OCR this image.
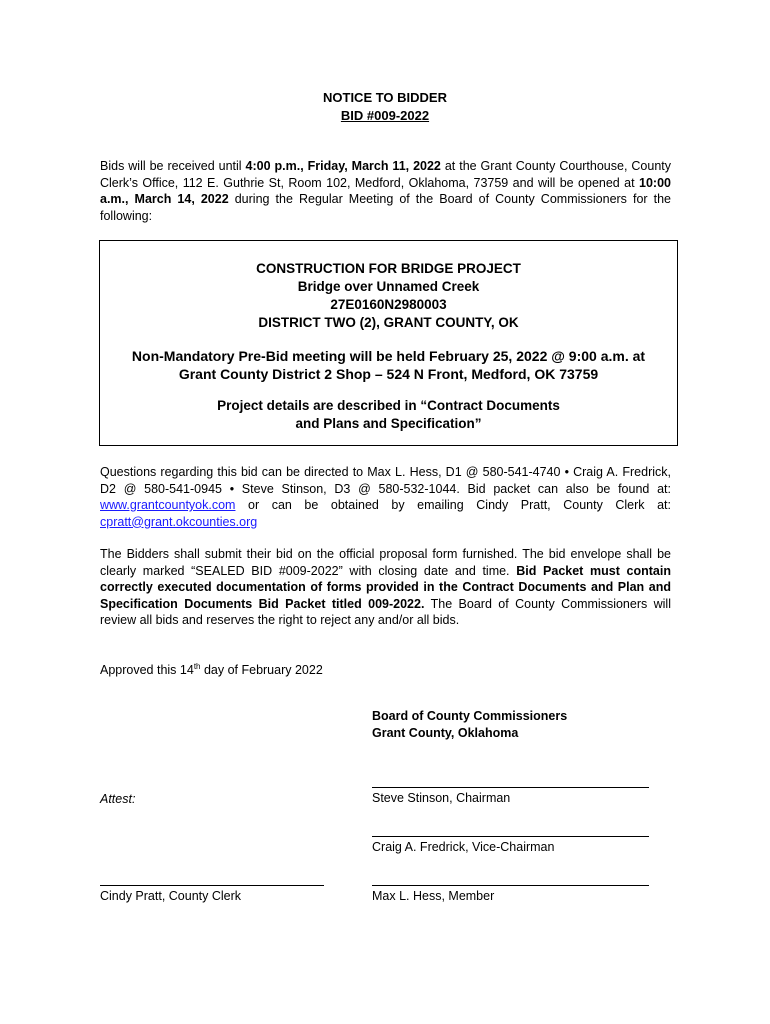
NOTICE TO BIDDER
BID #009-2022
Bids will be received until 4:00 p.m., Friday, March 11, 2022 at the Grant County Courthouse, County Clerk’s Office, 112 E. Guthrie St, Room 102, Medford, Oklahoma, 73759 and will be opened at 10:00 a.m., March 14, 2022 during the Regular Meeting of the Board of County Commissioners for the following:
CONSTRUCTION FOR BRIDGE PROJECT
Bridge over Unnamed Creek
27E0160N2980003
DISTRICT TWO (2), GRANT COUNTY, OK
Non-Mandatory Pre-Bid meeting will be held February 25, 2022 @ 9:00 a.m. at
Grant County District 2 Shop – 524 N Front, Medford, OK 73759
Project details are described in “Contract Documents
and Plans and Specification”
Questions regarding this bid can be directed to Max L. Hess, D1 @ 580-541-4740 • Craig A. Fredrick, D2 @ 580-541-0945 • Steve Stinson, D3 @ 580-532-1044. Bid packet can also be found at: www.grantcountyok.com or can be obtained by emailing Cindy Pratt, County Clerk at: cpratt@grant.okcounties.org
The Bidders shall submit their bid on the official proposal form furnished. The bid envelope shall be clearly marked “SEALED BID #009-2022” with closing date and time. Bid Packet must contain correctly executed documentation of forms provided in the Contract Documents and Plan and Specification Documents Bid Packet titled 009-2022. The Board of County Commissioners will review all bids and reserves the right to reject any and/or all bids.
Approved this 14th day of February 2022
Board of County Commissioners
Grant County, Oklahoma
Attest:	Steve Stinson, Chairman
Craig A. Fredrick, Vice-Chairman
Cindy Pratt, County Clerk	Max L. Hess, Member
